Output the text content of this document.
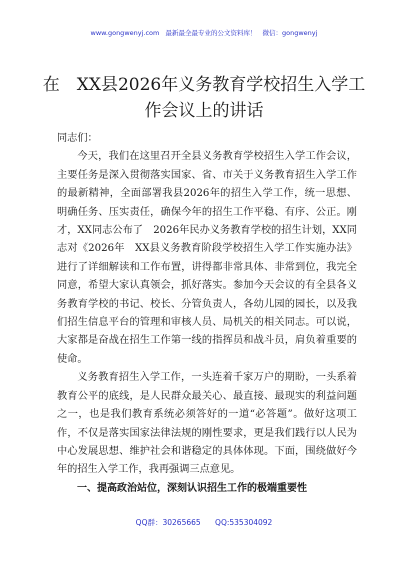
www.gongwenyj.com 最新最全最专业的公文资料库！ 微信：gongwenyj
在　XX县2026年义务教育学校招生入学工作会议上的讲话

同志们：

今天，我们在这里召开全县义务教育学校招生入学工作会议，主要任务是深入贯彻落实国家、省、市关于义务教育招生入学工作的最新精神，全面部署我县2026年的招生入学工作，统一思想、明确任务、压实责任，确保今年的招生工作平稳、有序、公正。刚才，XX同志公布了　2026年民办义务教育学校的招生计划，XX同志对《2026年　XX县义务教育阶段学校招生入学工作实施办法》进行了详细解读和工作布置，讲得都非常具体、非常到位，我完全同意，希望大家认真领会，抓好落实。参加今天会议的有全县各义务教育学校的书记、校长、分管负责人，各幼儿园的园长，以及我们招生信息平台的管理和审核人员、局机关的相关同志。可以说，大家都是奋战在招生工作第一线的指挥员和战斗员，肩负着重要的使命。

义务教育招生入学工作，一头连着千家万户的期盼，一头系着教育公平的底线，是人民群众最关心、最直接、最现实的利益问题之一，也是我们教育系统必须答好的一道“必答题”。做好这项工作，不仅是落实国家法律法规的刚性要求，更是我们践行以人民为中心发展思想、维护社会和谐稳定的具体体现。下面，围绕做好今年的招生入学工作，我再强调三点意见。

一、提高政治站位，深刻认识招生工作的极端重要性

QQ群：30265665 QQ:535304092
